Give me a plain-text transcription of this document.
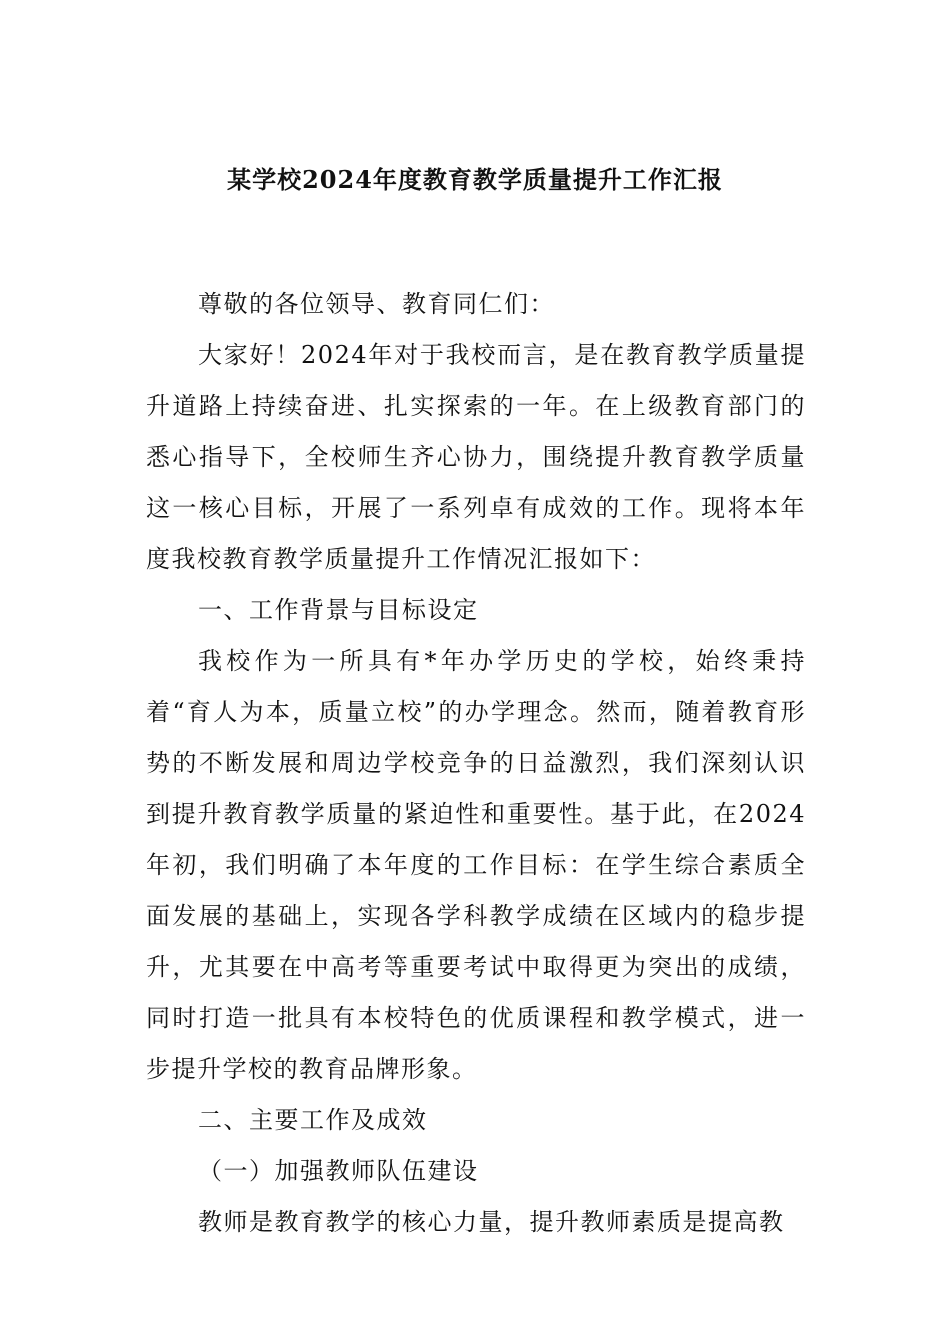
某学校2024年度教育教学质量提升工作汇报

尊敬的各位领导、教育同仁们：

大家好！2024年对于我校而言，是在教育教学质量提升道路上持续奋进、扎实探索的一年。在上级教育部门的悉心指导下，全校师生齐心协力，围绕提升教育教学质量这一核心目标，开展了一系列卓有成效的工作。现将本年度我校教育教学质量提升工作情况汇报如下：

一、工作背景与目标设定

我校作为一所具有*年办学历史的学校，始终秉持着“育人为本，质量立校”的办学理念。然而，随着教育形势的不断发展和周边学校竞争的日益激烈，我们深刻认识到提升教育教学质量的紧迫性和重要性。基于此，在2024年初，我们明确了本年度的工作目标：在学生综合素质全面发展的基础上，实现各学科教学成绩在区域内的稳步提升，尤其要在中高考等重要考试中取得更为突出的成绩，同时打造一批具有本校特色的优质课程和教学模式，进一步提升学校的教育品牌形象。

二、主要工作及成效

（一）加强教师队伍建设

教师是教育教学的核心力量，提升教师素质是提高教
